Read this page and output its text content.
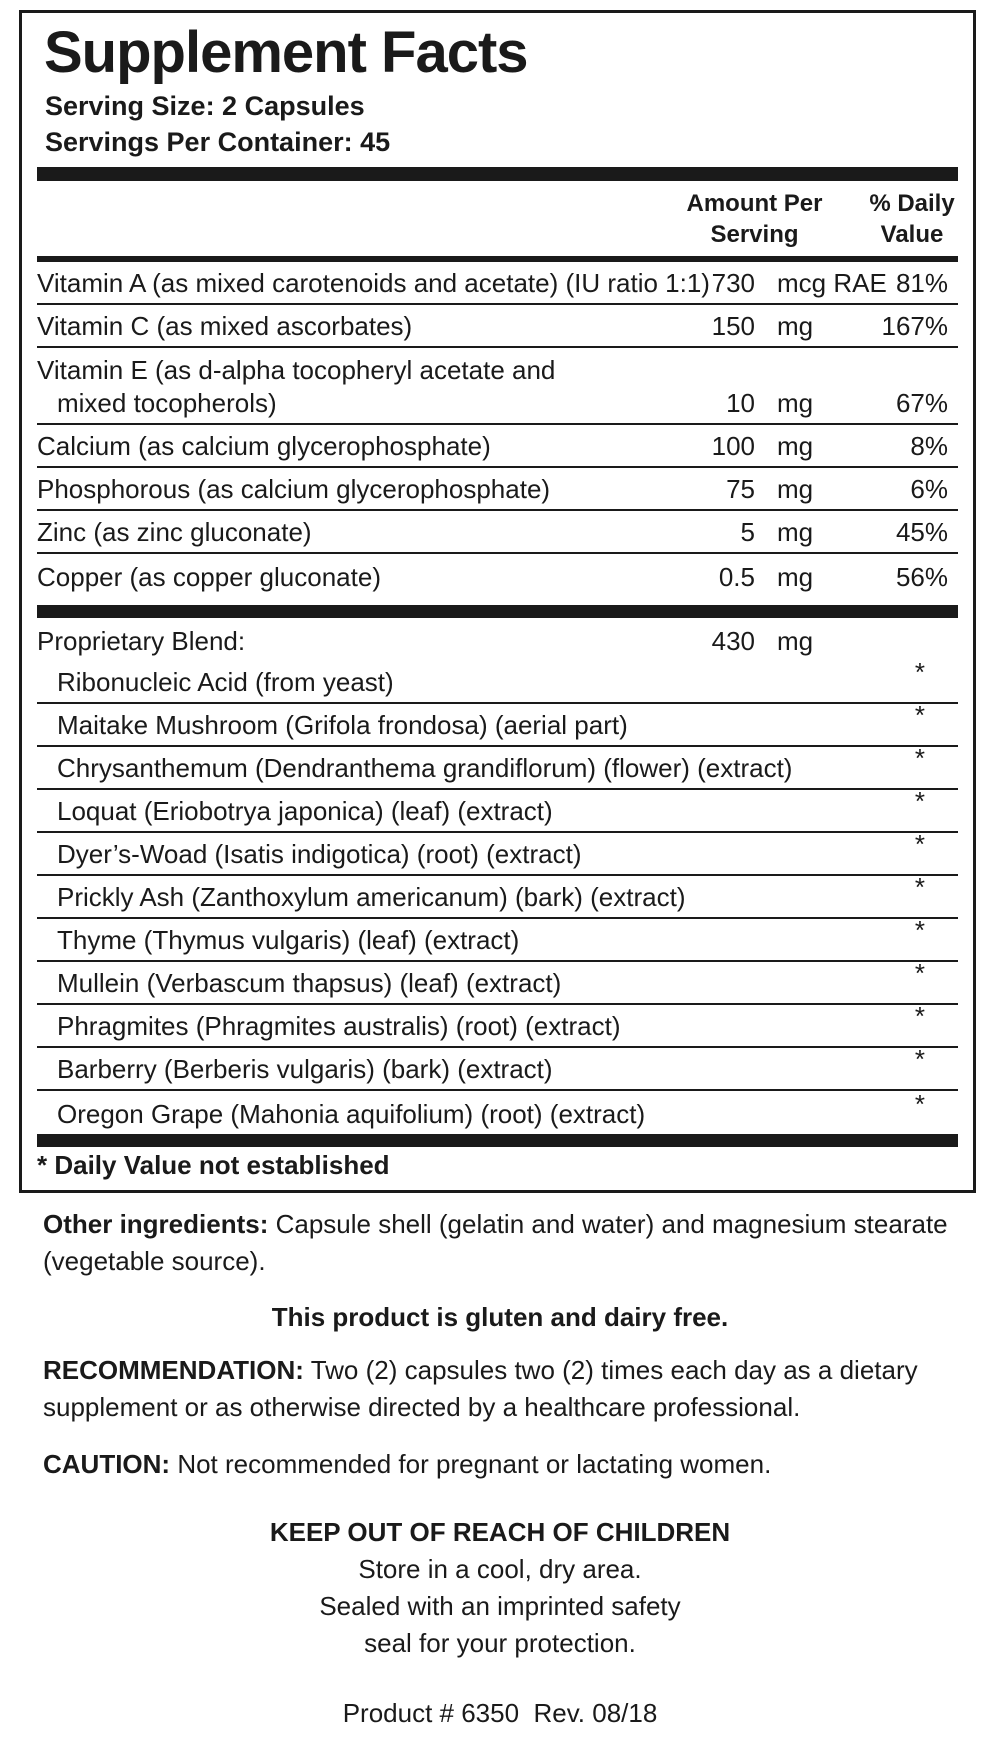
Supplement Facts
Serving Size: 2 Capsules
Servings Per Container: 45
Amount Per Serving
% Daily Value
Vitamin A (as mixed carotenoids and acetate) (IU ratio 1:1) 730 mcg RAE 81%
Vitamin C (as mixed ascorbates)	150 mg	167%
Vitamin E (as d-alpha tocopheryl acetate and
mixed tocopherols)	10 mg	67%
Calcium (as calcium glycerophosphate)	100 mg	8%
Phosphorous (as calcium glycerophosphate)	75 mg	6%
Zinc (as zinc gluconate)	5 mg	45%
Copper (as copper gluconate)	0.5 mg	56%
Proprietary Blend:	430 mg
Ribonucleic Acid (from yeast)	*
Maitake Mushroom (Grifola frondosa) (aerial part)	*
Chrysanthemum (Dendranthema grandiflorum) (flower) (extract)	*
Loquat (Eriobotrya japonica) (leaf) (extract)	*
Dyer’s-Woad (Isatis indigotica) (root) (extract)	*
Prickly Ash (Zanthoxylum americanum) (bark) (extract)	*
Thyme (Thymus vulgaris) (leaf) (extract)	*
Mullein (Verbascum thapsus) (leaf) (extract)	*
Phragmites (Phragmites australis) (root) (extract)	*
Barberry (Berberis vulgaris) (bark) (extract)	*
Oregon Grape (Mahonia aquifolium) (root) (extract)	*
* Daily Value not established
Other ingredients: Capsule shell (gelatin and water) and magnesium stearate (vegetable source).
This product is gluten and dairy free.
RECOMMENDATION: Two (2) capsules two (2) times each day as a dietary supplement or as otherwise directed by a healthcare professional.
CAUTION: Not recommended for pregnant or lactating women.
KEEP OUT OF REACH OF CHILDREN
Store in a cool, dry area.
Sealed with an imprinted safety
seal for your protection.
Product # 6350  Rev. 08/18
